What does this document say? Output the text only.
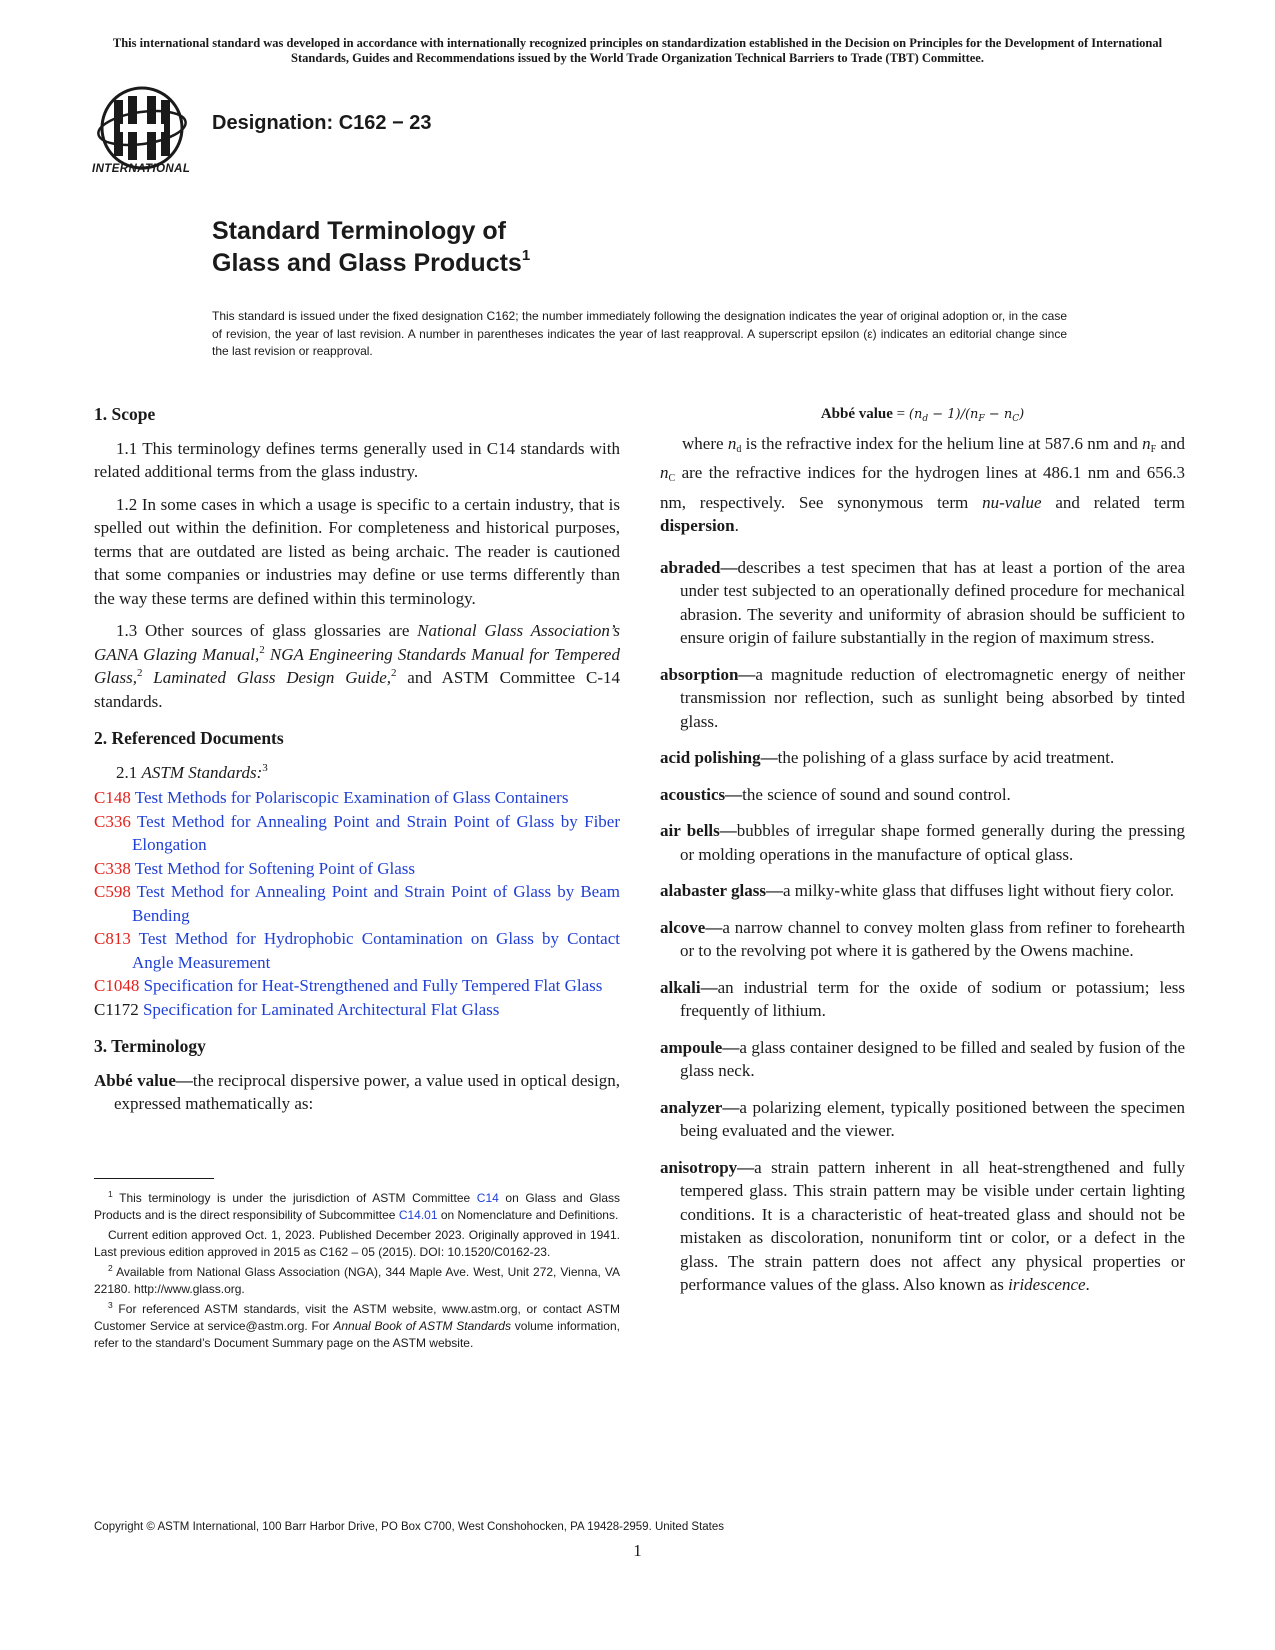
This international standard was developed in accordance with internationally recognized principles on standardization established in the Decision on Principles for the Development of International Standards, Guides and Recommendations issued by the World Trade Organization Technical Barriers to Trade (TBT) Committee.
INTERNATIONAL
Designation: C162 − 23
Standard Terminology of
Glass and Glass Products$^1$
This standard is issued under the fixed designation C162; the number immediately following the designation indicates the year of original adoption or, in the case of revision, the year of last revision. A number in parentheses indicates the year of last reapproval. A superscript epsilon (ε) indicates an editorial change since the last revision or reapproval.
1. Scope

1.1 This terminology defines terms generally used in C14 standards with related additional terms from the glass industry.

1.2 In some cases in which a usage is specific to a certain industry, that is spelled out within the definition. For completeness and historical purposes, terms that are outdated are listed as being archaic. The reader is cautioned that some companies or industries may define or use terms differently than the way these terms are defined within this terminology.

1.3 Other sources of glass glossaries are National Glass Association’s GANA Glazing Manual,$^2$ NGA Engineering Standards Manual for Tempered Glass,$^2$ Laminated Glass Design Guide,$^2$ and ASTM Committee C-14 standards.

2. Referenced Documents
2.1 ASTM Standards:$^3$
C148 Test Methods for Polariscopic Examination of Glass Containers
C336 Test Method for Annealing Point and Strain Point of Glass by Fiber Elongation
C338 Test Method for Softening Point of Glass
C598 Test Method for Annealing Point and Strain Point of Glass by Beam Bending
C813 Test Method for Hydrophobic Contamination on Glass by Contact Angle Measurement
C1048 Specification for Heat-Strengthened and Fully Tempered Flat Glass
C1172 Specification for Laminated Architectural Flat Glass
3. Terminology
Abbé value—the reciprocal dispersive power, a value used in optical design, expressed mathematically as:

$^1$ This terminology is under the jurisdiction of ASTM Committee C14 on Glass and Glass Products and is the direct responsibility of Subcommittee C14.01 on Nomenclature and Definitions.

Current edition approved Oct. 1, 2023. Published December 2023. Originally approved in 1941. Last previous edition approved in 2015 as C162 – 05 (2015). DOI: 10.1520/C0162-23.

$^2$ Available from National Glass Association (NGA), 344 Maple Ave. West, Unit 272, Vienna, VA 22180. http://www.glass.org.

$^3$ For referenced ASTM standards, visit the ASTM website, www.astm.org, or contact ASTM Customer Service at service@astm.org. For Annual Book of ASTM Standards volume information, refer to the standard’s Document Summary page on the ASTM website.

Abbé value = $(n_d - 1)/(n_F - n_C)$
where $n_d$ is the refractive index for the helium line at 587.6 nm and $n_F$ and $n_C$ are the refractive indices for the hydrogen lines at 486.1 nm and 656.3 nm, respectively. See synonymous term nu-value and related term dispersion.
abraded—describes a test specimen that has at least a portion of the area under test subjected to an operationally defined procedure for mechanical abrasion. The severity and uniformity of abrasion should be sufficient to ensure origin of failure substantially in the region of maximum stress.
absorption—a magnitude reduction of electromagnetic energy of neither transmission nor reflection, such as sunlight being absorbed by tinted glass.
acid polishing—the polishing of a glass surface by acid treatment.
acoustics—the science of sound and sound control.
air bells—bubbles of irregular shape formed generally during the pressing or molding operations in the manufacture of optical glass.
alabaster glass—a milky-white glass that diffuses light without fiery color.
alcove—a narrow channel to convey molten glass from refiner to forehearth or to the revolving pot where it is gathered by the Owens machine.
alkali—an industrial term for the oxide of sodium or potassium; less frequently of lithium.
ampoule—a glass container designed to be filled and sealed by fusion of the glass neck.
analyzer—a polarizing element, typically positioned between the specimen being evaluated and the viewer.
anisotropy—a strain pattern inherent in all heat-strengthened and fully tempered glass. This strain pattern may be visible under certain lighting conditions. It is a characteristic of heat-treated glass and should not be mistaken as discoloration, nonuniform tint or color, or a defect in the glass. The strain pattern does not affect any physical properties or performance values of the glass. Also known as iridescence.
Copyright © ASTM International, 100 Barr Harbor Drive, PO Box C700, West Conshohocken, PA 19428-2959. United States
1
